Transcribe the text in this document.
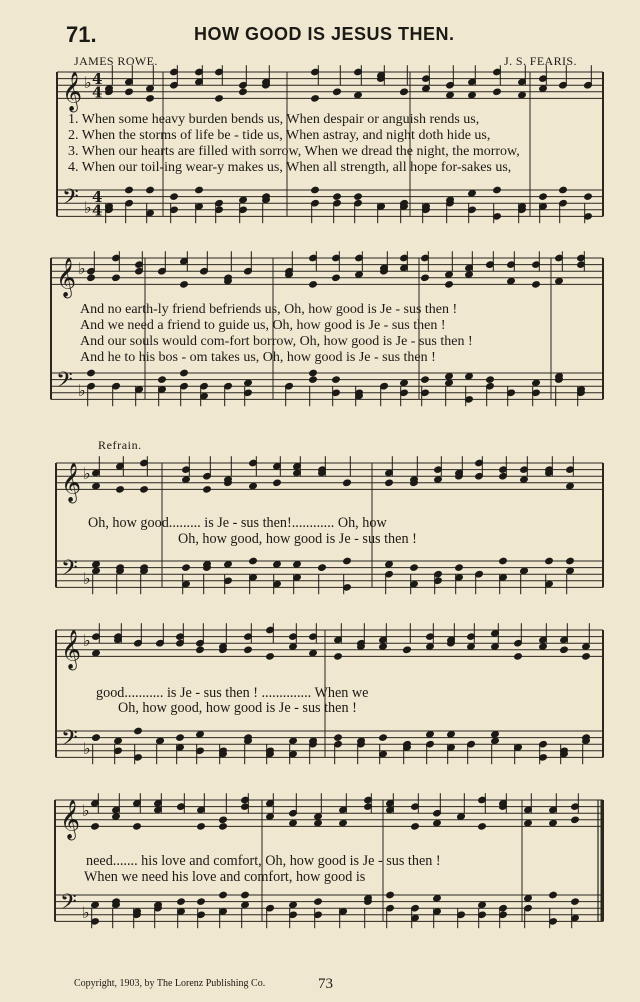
71.	HOW GOOD IS JESUS THEN.
JAMES ROWE.	J. S. FEARIS.
𝄞 ♭ 4
4
𝄢 ♭
4
4
𝄞 ♭
𝄢 ♭
𝄞 ♭
𝄢 ♭
𝄞 ♭
𝄢 ♭
𝄞 ♭
𝄢 ♭
1. When some heavy burden bends us, When despair or anguish rends us,
2. When the storms of life be - tide us, When astray, and night doth hide us,
3. When our hearts are filled with sorrow, When we dread the night, the morrow,
4. When our toil-ing wear-y makes us, When all strength, all hope for-sakes us,
And no earth-ly friend befriends us, Oh, how good is Je - sus then !
And we need a friend to guide us, Oh, how good is Je - sus then !
And our souls would com-fort borrow, Oh, how good is Je - sus then !
And he to his bos - om takes us, Oh, how good is Je - sus then !
Refrain.
Oh, how good......... is Je - sus then!............ Oh, how
Oh, how good, how good is Je - sus then !
good........... is Je - sus then ! .............. When we
Oh, how good, how good is Je - sus then !
need....... his love and comfort, Oh, how good is Je - sus then !
When we need his love and comfort, how good is
Copyright, 1903, by The Lorenz Publishing Co.	73
